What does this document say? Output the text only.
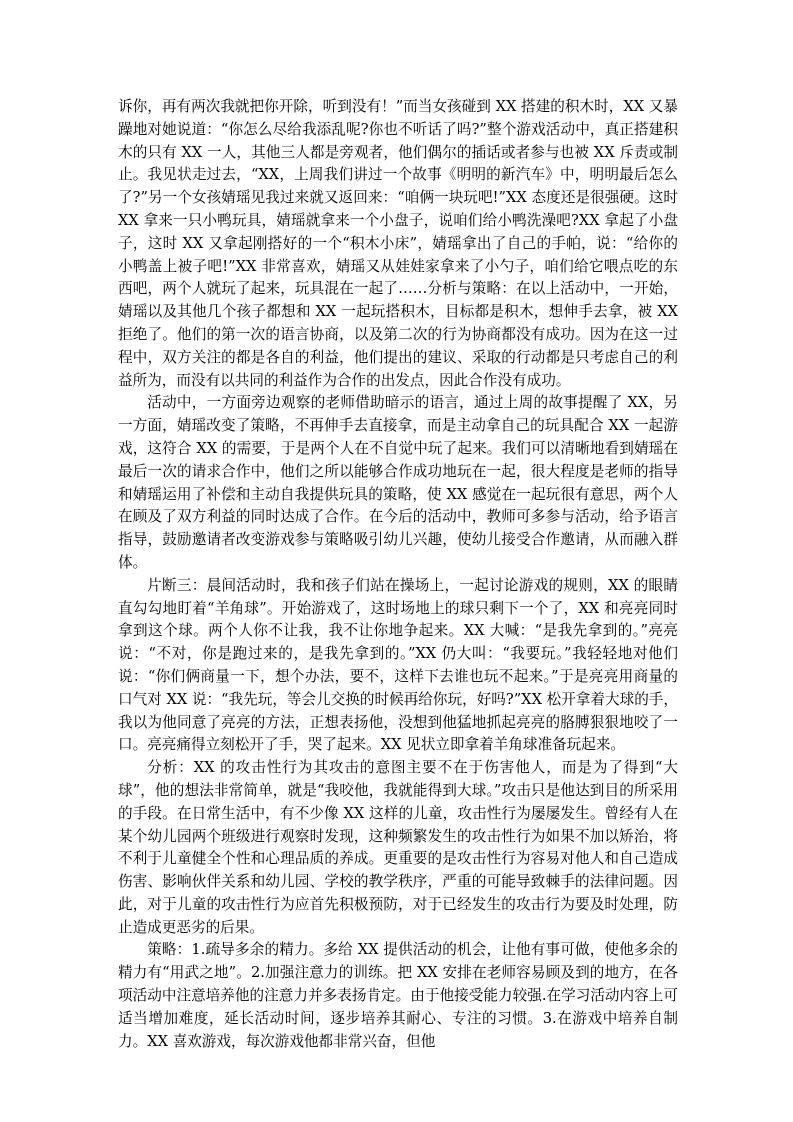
诉你，再有两次我就把你开除，听到没有！”而当女孩碰到 XX 搭建的积木时，XX 又暴躁地对她说道：“你怎么尽给我添乱呢?你也不听话了吗?”整个游戏活动中，真正搭建积木的只有 XX 一人，其他三人都是旁观者，他们偶尔的插话或者参与也被 XX 斥责或制止。我见状走过去，“XX，上周我们讲过一个故事《明明的新汽车》中，明明最后怎么了?”另一个女孩婧瑶见我过来就又返回来：“咱俩一块玩吧!”XX 态度还是很强硬。这时 XX 拿来一只小鸭玩具，婧瑶就拿来一个小盘子，说咱们给小鸭洗澡吧?XX 拿起了小盘子，这时 XX 又拿起刚搭好的一个“积木小床”，婧瑶拿出了自己的手帕，说：“给你的小鸭盖上被子吧!”XX 非常喜欢，婧瑶又从娃娃家拿来了小勺子，咱们给它喂点吃的东西吧，两个人就玩了起来，玩具混在一起了……分析与策略：在以上活动中，一开始，婧瑶以及其他几个孩子都想和 XX 一起玩搭积木，目标都是积木，想伸手去拿，被 XX 拒绝了。他们的第一次的语言协商，以及第二次的行为协商都没有成功。因为在这一过程中，双方关注的都是各自的利益，他们提出的建议、采取的行动都是只考虑自己的利益所为，而没有以共同的利益作为合作的出发点，因此合作没有成功。

活动中，一方面旁边观察的老师借助暗示的语言，通过上周的故事提醒了 XX，另一方面，婧瑶改变了策略，不再伸手去直接拿，而是主动拿自己的玩具配合 XX 一起游戏，这符合 XX 的需要，于是两个人在不自觉中玩了起来。我们可以清晰地看到婧瑶在最后一次的请求合作中，他们之所以能够合作成功地玩在一起，很大程度是老师的指导和婧瑶运用了补偿和主动自我提供玩具的策略，使 XX 感觉在一起玩很有意思，两个人在顾及了双方利益的同时达成了合作。在今后的活动中，教师可多参与活动，给予语言指导，鼓励邀请者改变游戏参与策略吸引幼儿兴趣，使幼儿接受合作邀请，从而融入群体。

片断三：晨间活动时，我和孩子们站在操场上，一起讨论游戏的规则，XX 的眼睛直勾勾地盯着“羊角球”。开始游戏了，这时场地上的球只剩下一个了，XX 和亮亮同时拿到这个球。两个人你不让我，我不让你地争起来。XX 大喊：“是我先拿到的。”亮亮说：“不对，你是跑过来的，是我先拿到的。”XX 仍大叫：“我要玩。”我轻轻地对他们说：“你们俩商量一下，想个办法，要不，这样下去谁也玩不起来。”于是亮亮用商量的口气对 XX 说：“我先玩，等会儿交换的时候再给你玩，好吗?”XX 松开拿着大球的手，我以为他同意了亮亮的方法，正想表扬他，没想到他猛地抓起亮亮的胳膊狠狠地咬了一口。亮亮痛得立刻松开了手，哭了起来。XX 见状立即拿着羊角球准备玩起来。

分析：XX 的攻击性行为其攻击的意图主要不在于伤害他人，而是为了得到“大球”，他的想法非常简单，就是“我咬他，我就能得到大球。”攻击只是他达到目的所采用的手段。在日常生活中，有不少像 XX 这样的儿童，攻击性行为屡屡发生。曾经有人在某个幼儿园两个班级进行观察时发现，这种频繁发生的攻击性行为如果不加以矫治，将不利于儿童健全个性和心理品质的养成。更重要的是攻击性行为容易对他人和自己造成伤害、影响伙伴关系和幼儿园、学校的教学秩序，严重的可能导致棘手的法律问题。因此，对于儿童的攻击性行为应首先积极预防，对于已经发生的攻击行为要及时处理，防止造成更恶劣的后果。

策略：1.疏导多余的精力。多给 XX 提供活动的机会，让他有事可做，使他多余的精力有“用武之地”。2.加强注意力的训练。把 XX 安排在老师容易顾及到的地方，在各项活动中注意培养他的注意力并多表扬肯定。由于他接受能力较强.在学习活动内容上可适当增加难度，延长活动时间，逐步培养其耐心、专注的习惯。3.在游戏中培养自制力。XX 喜欢游戏，每次游戏他都非常兴奋，但他
